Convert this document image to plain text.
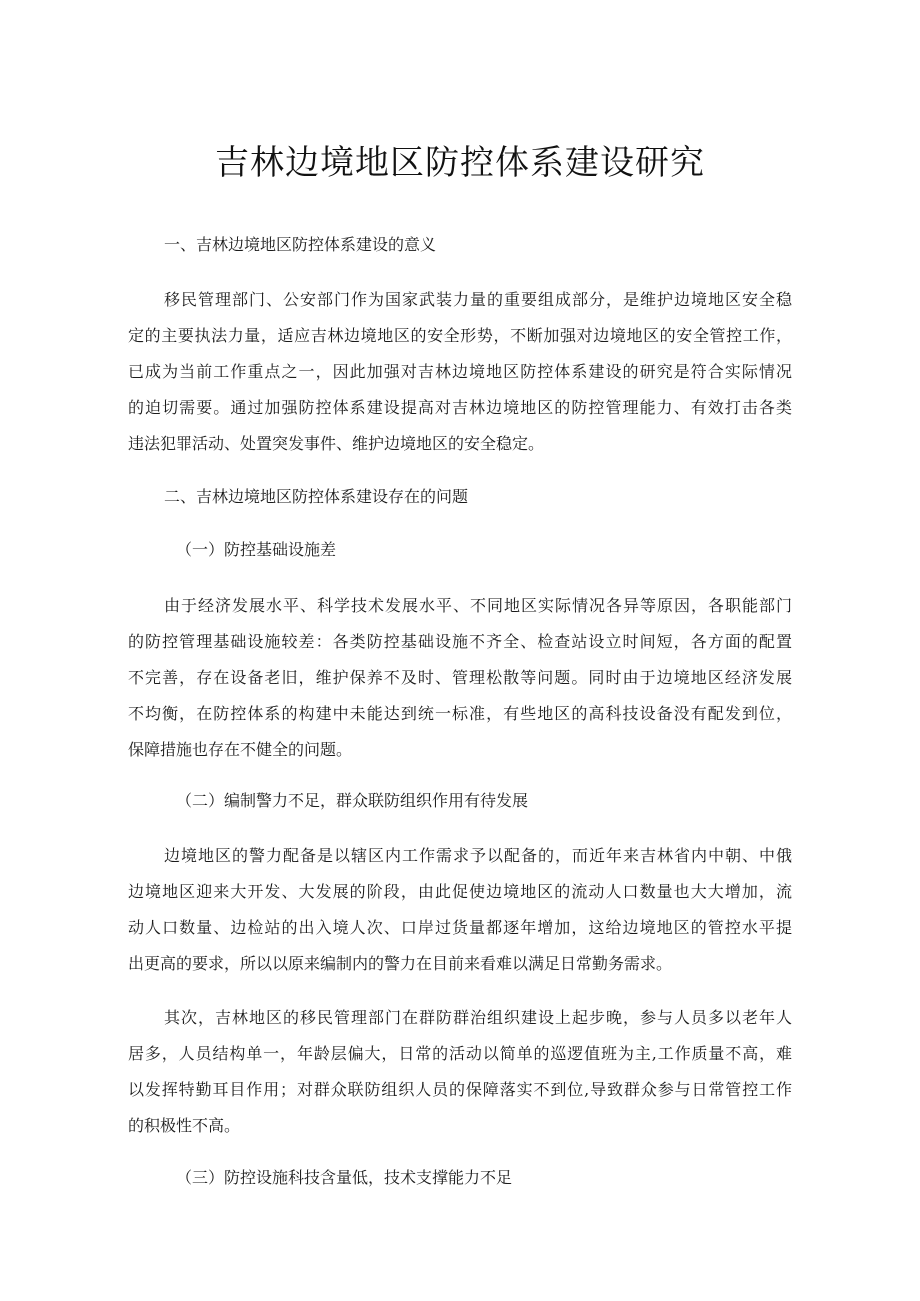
吉林边境地区防控体系建设研究
一、吉林边境地区防控体系建设的意义

移民管理部门、公安部门作为国家武装力量的重要组成部分，是维护边境地区安全稳
定的主要执法力量，适应吉林边境地区的安全形势，不断加强对边境地区的安全管控工作，
已成为当前工作重点之一，因此加强对吉林边境地区防控体系建设的研究是符合实际情况
的迫切需要。通过加强防控体系建设提高对吉林边境地区的防控管理能力、有效打击各类
违法犯罪活动、处置突发事件、维护边境地区的安全稳定。

二、吉林边境地区防控体系建设存在的问题
（一）防控基础设施差

由于经济发展水平、科学技术发展水平、不同地区实际情况各异等原因，各职能部门
的防控管理基础设施较差：各类防控基础设施不齐全、检查站设立时间短，各方面的配置
不完善，存在设备老旧，维护保养不及时、管理松散等问题。同时由于边境地区经济发展
不均衡，在防控体系的构建中未能达到统一标准，有些地区的高科技设备没有配发到位，
保障措施也存在不健全的问题。

（二）编制警力不足，群众联防组织作用有待发展

边境地区的警力配备是以辖区内工作需求予以配备的，而近年来吉林省内中朝、中俄
边境地区迎来大开发、大发展的阶段，由此促使边境地区的流动人口数量也大大增加，流
动人口数量、边检站的出入境人次、口岸过货量都逐年增加，这给边境地区的管控水平提
出更高的要求，所以以原来编制内的警力在目前来看难以满足日常勤务需求。

其次，吉林地区的移民管理部门在群防群治组织建设上起步晚，参与人员多以老年人
居多，人员结构单一，年龄层偏大，日常的活动以简单的巡逻值班为主,工作质量不高，难
以发挥特勤耳目作用；对群众联防组织人员的保障落实不到位,导致群众参与日常管控工作
的积极性不高。

（三）防控设施科技含量低，技术支撑能力不足
